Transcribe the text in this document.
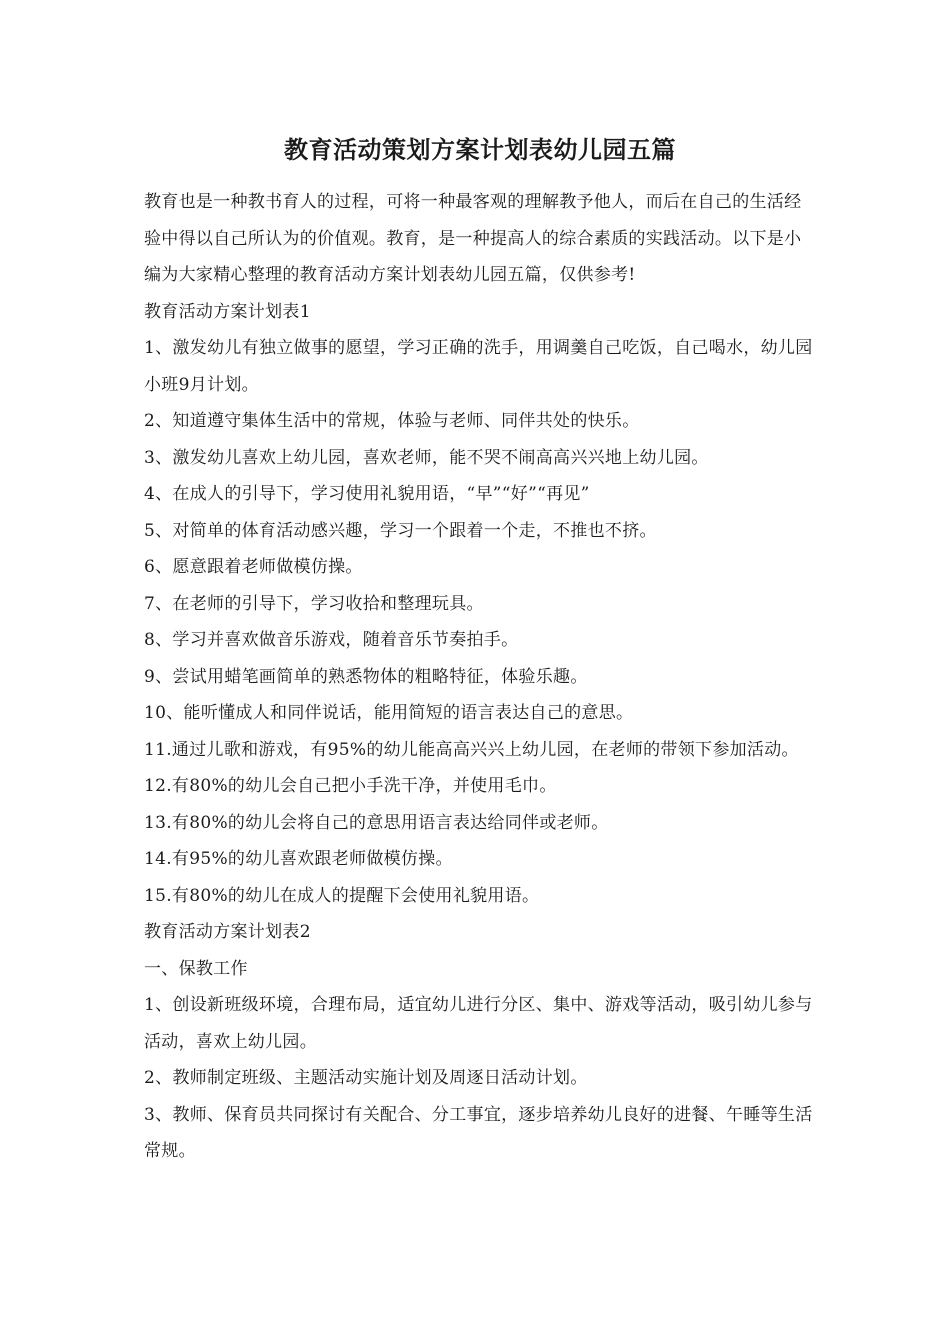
教育活动策划方案计划表幼儿园五篇

教育也是一种教书育人的过程，可将一种最客观的理解教予他人，而后在自己的生活经验中得以自己所认为的价值观。教育，是一种提高人的综合素质的实践活动。以下是小编为大家精心整理的教育活动方案计划表幼儿园五篇，仅供参考!

教育活动方案计划表1

1、激发幼儿有独立做事的愿望，学习正确的洗手，用调羹自己吃饭，自己喝水，幼儿园小班9月计划。

2、知道遵守集体生活中的常规，体验与老师、同伴共处的快乐。

3、激发幼儿喜欢上幼儿园，喜欢老师，能不哭不闹高高兴兴地上幼儿园。

4、在成人的引导下，学习使用礼貌用语，“早”“好”“再见”

5、对简单的体育活动感兴趣，学习一个跟着一个走，不推也不挤。

6、愿意跟着老师做模仿操。

7、在老师的引导下，学习收拾和整理玩具。

8、学习并喜欢做音乐游戏，随着音乐节奏拍手。

9、尝试用蜡笔画简单的熟悉物体的粗略特征，体验乐趣。

10、能听懂成人和同伴说话，能用简短的语言表达自己的意思。

11.通过儿歌和游戏，有95%的幼儿能高高兴兴上幼儿园，在老师的带领下参加活动。

12.有80%的幼儿会自己把小手洗干净，并使用毛巾。

13.有80%的幼儿会将自己的意思用语言表达给同伴或老师。

14.有95%的幼儿喜欢跟老师做模仿操。

15.有80%的幼儿在成人的提醒下会使用礼貌用语。

教育活动方案计划表2

一、保教工作

1、创设新班级环境，合理布局，适宜幼儿进行分区、集中、游戏等活动，吸引幼儿参与活动，喜欢上幼儿园。

2、教师制定班级、主题活动实施计划及周逐日活动计划。

3、教师、保育员共同探讨有关配合、分工事宜，逐步培养幼儿良好的进餐、午睡等生活常规。
